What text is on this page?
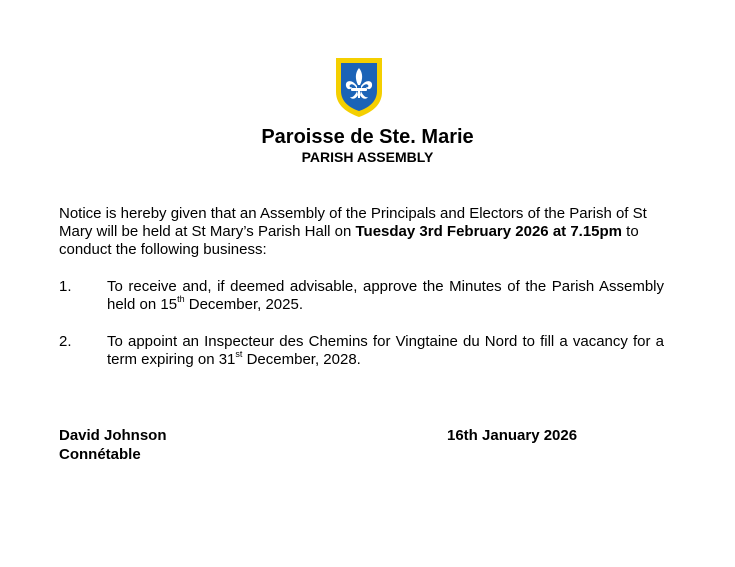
Paroisse de Ste. Marie
PARISH ASSEMBLY
Notice is hereby given that an Assembly of the Principals and Electors of the Parish of St Mary will be held at St Mary’s Parish Hall on Tuesday 3rd February 2026 at 7.15pm to conduct the following business:
1. To receive and, if deemed advisable, approve the Minutes of the Parish Assembly held on 15th December, 2025.
2. To appoint an Inspecteur des Chemins for Vingtaine du Nord to fill a vacancy for a term expiring on 31st December, 2028.
David Johnson
Connétable
16th January 2026
